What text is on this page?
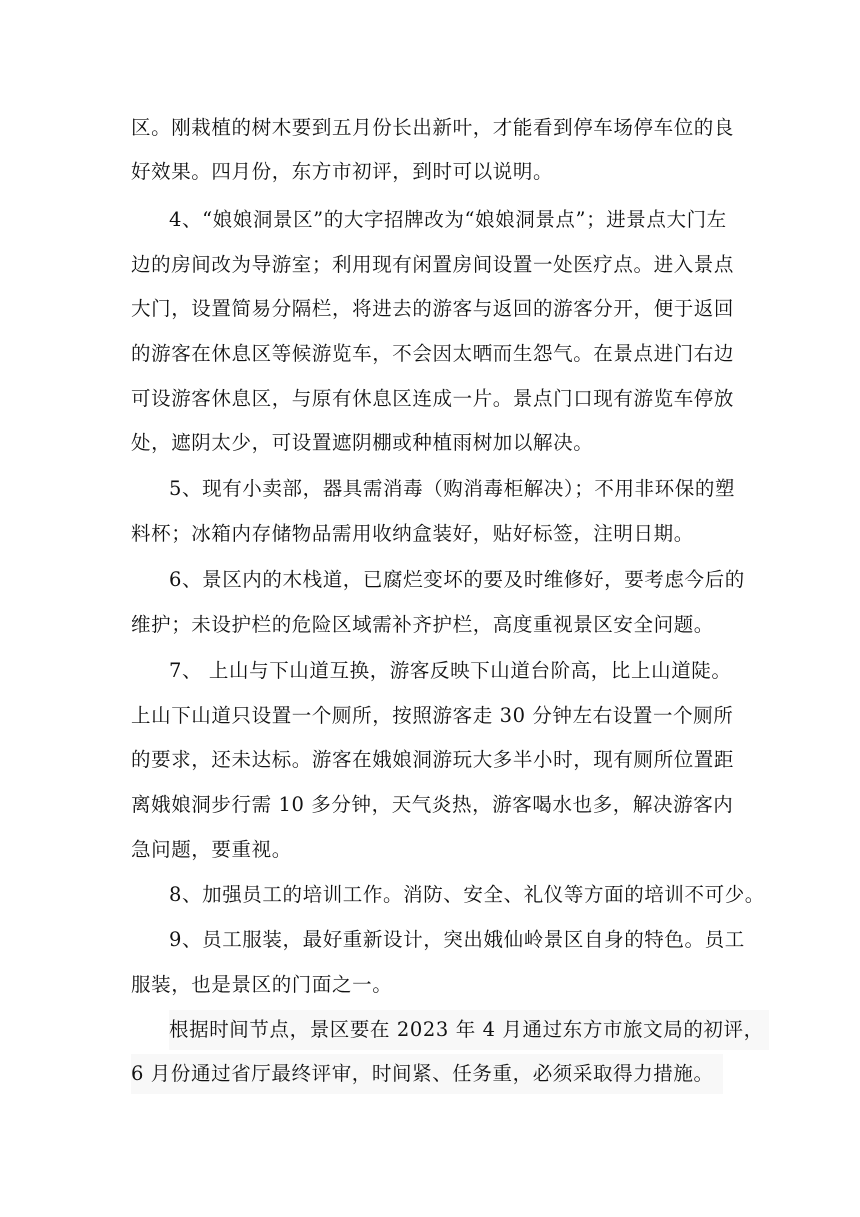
区。刚栽植的树木要到五月份长出新叶，才能看到停车场停车位的良
好效果。四月份，东方市初评，到时可以说明。
4、“娘娘洞景区”的大字招牌改为“娘娘洞景点”；进景点大门左
边的房间改为导游室；利用现有闲置房间设置一处医疗点。进入景点
大门，设置简易分隔栏，将进去的游客与返回的游客分开，便于返回
的游客在休息区等候游览车，不会因太晒而生怨气。在景点进门右边
可设游客休息区，与原有休息区连成一片。景点门口现有游览车停放
处，遮阴太少，可设置遮阴棚或种植雨树加以解决。
5、现有小卖部，器具需消毒（购消毒柜解决）；不用非环保的塑
料杯；冰箱内存储物品需用收纳盒装好，贴好标签，注明日期。
6、景区内的木栈道，已腐烂变坏的要及时维修好，要考虑今后的
维护；未设护栏的危险区域需补齐护栏，高度重视景区安全问题。
7、 上山与下山道互换，游客反映下山道台阶高，比上山道陡。
上山下山道只设置一个厕所，按照游客走 30 分钟左右设置一个厕所
的要求，还未达标。游客在娥娘洞游玩大多半小时，现有厕所位置距
离娥娘洞步行需 10 多分钟，天气炎热，游客喝水也多，解决游客内
急问题，要重视。
8、加强员工的培训工作。消防、安全、礼仪等方面的培训不可少。
9、员工服装，最好重新设计，突出娥仙岭景区自身的特色。员工
服装，也是景区的门面之一。
根据时间节点，景区要在 2023 年 4 月通过东方市旅文局的初评，
6 月份通过省厅最终评审，时间紧、任务重，必须采取得力措施。
